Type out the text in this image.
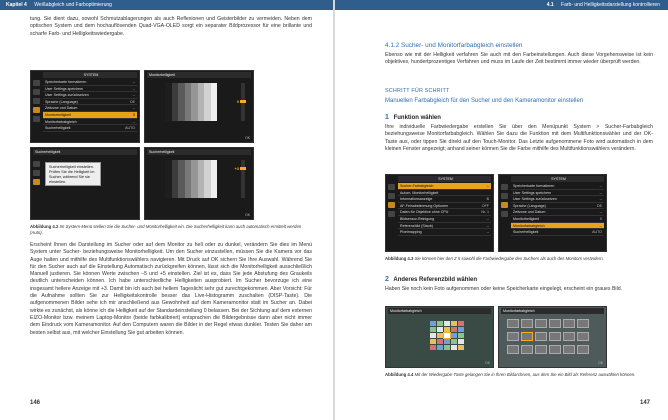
Kapitel 4 Weißabgleich und Farboptimierung	4.1 Farb- und Helligkeitsdarstellung kontrollieren

tung. Sie dient dazu, sowohl Schmutzablagerungen als auch Reflexionen und Geisterbilder zu vermeiden. Neben dem optischen System und dem hochauflösenden Quad-VGA-OLED sorgt ein separater Bildprozessor für eine brillante und scharfe Farb- und Helligkeitswiedergabe.

SYSTEM
Speicherkarte formatieren	--
User Settings speichern	--
User Settings zurücksetzen	--
Sprache (Language)	DE
Zeitzone und Datum	--
Monitorhelligkeit	0
Monitorfarbabgleich	--
Sucherhelligkeit	AUTO
Monitorhelligkeit
0
OK
Sucherhelligkeit
Sucherhelligkeit einstellen. Prüfen Sie die Helligkeit im Sucher, während Sie sie einstellen.
Sucherhelligkeit
+3
OK

Abbildung 4.2 Im System-Menü stellen Sie die Sucher- und Monitorhelligkeit ein. Die Sucherhelligkeit kann auch automatisch ermittelt werden (Auto).

Erscheint Ihnen die Darstellung im Sucher oder auf dem Monitor zu hell oder zu dunkel, verändern Sie dies im Menü System unter Sucher- beziehungsweise Monitorhelligkeit. Um den Sucher einzustellen, müssen Sie die Kamera vor das Auge halten und mithilfe des Multifunktionswählers navigieren. Mit Druck auf OK sichern Sie Ihre Auswahl. Während Sie für den Sucher auch auf die Einstellung Automatisch zurückgreifen können, lässt sich die Monitorhelligkeit ausschließlich Manuell justieren. Sie können Werte zwischen –5 und +5 einstellen. Ziel ist es, dass Sie jede Abstufung des Graukeils deutlich unterscheiden können. Ich habe unterschiedliche Helligkeiten ausprobiert. Im Sucher bevorzuge ich eine insgesamt hellere Anzeige mit +3. Damit bin ich auch bei hellem Tageslicht sehr gut zurechtgekommen. Aber Vorsicht: Für die Aufnahme sollten Sie zur Helligkeitskontrolle besser das Live-Histogramm zuschalten (DISP-Taste). Die aufgenommenen Bilder sehe ich mir anschließend aus Gewohnheit auf dem Kameramonitor statt im Sucher an. Dabei wirkte es zunächst, als könne ich die Helligkeit auf der Standardeinstellung 0 belassen. Bei der Sichtung auf dem externen EIZO-Monitor bzw. meinem Laptop-Monitor (beide farbkalibriert) entsprachen die Bildergebnisse dann aber nicht immer dem Eindruck vom Kameramonitor. Auf den Computern waren die Bilder in der Regel etwas dunkler. Testen Sie daher am besten selbst aus, mit welcher Einstellung Sie gut arbeiten können.

146
4.1.2 Sucher- und Monitorfarbabgleich einstellen

Ebenso wie mit der Helligkeit verfahren Sie auch mit den Farbeinstellungen. Auch diese Vorgehensweise ist kein objektives, hundertprozentiges Verfahren und muss im Laufe der Zeit bestimmt immer wieder überprüft werden.

SCHRITT FÜR SCHRITT
Manuellen Farbabgleich für den Sucher und den Kameramonitor einstellen
1 Funktion wählen

Ihre individuelle Farbwiedergabe erstellen Sie über den Menüpunkt System > Sucher-Farbabgleich beziehungsweise Monitorfarbabgleich. Wählen Sie dazu die Funktion mit dem Multifunktionswähler und der OK-Taste aus, oder tippen Sie direkt auf den Touch-Monitor. Das Letzte aufgenommene Foto wird automatisch in dem kleinen Fenster angezeigt; anhand seiner können Sie die Farbe mithilfe des Multifunktionswählers verändern.

SYSTEM
Sucher-Farbabgleich	--
Autom. Monitorhelligkeit
Informationsanzeige	B
AF-Feinabstimmung Optionen	OFF
Daten für Objektive ohne CPU	Nr. 1
Bildsensor-Reinigung	--
Referenzbild (Staub)	--
Pixelmapping	--
SYSTEM
Speicherkarte formatieren	--
User Settings speichern	--
User Settings zurücksetzen	--
Sprache (Language)	DE
Zeitzone und Datum	--
Monitorhelligkeit	0
Monitorfarbabgleich	--
Sucherhelligkeit	AUTO

Abbildung 4.3 Sie können hier den Z 5 sowohl die Farbwiedergabe des Suchers als auch des Monitors verändern.

2 Anderes Referenzbild wählen

Haben Sie noch kein Foto aufgenommen oder keine Speicherkarte eingelegt, erscheint ein graues Bild.

Monitorfarbabgleich
OK
Monitorfarbabgleich
OK

Abbildung 4.4 Mit der Wiedergabe-Taste gelangen Sie in Ihren Bildarchiven, aus dem Sie ein Bild als Referenz auswählen können.

147
